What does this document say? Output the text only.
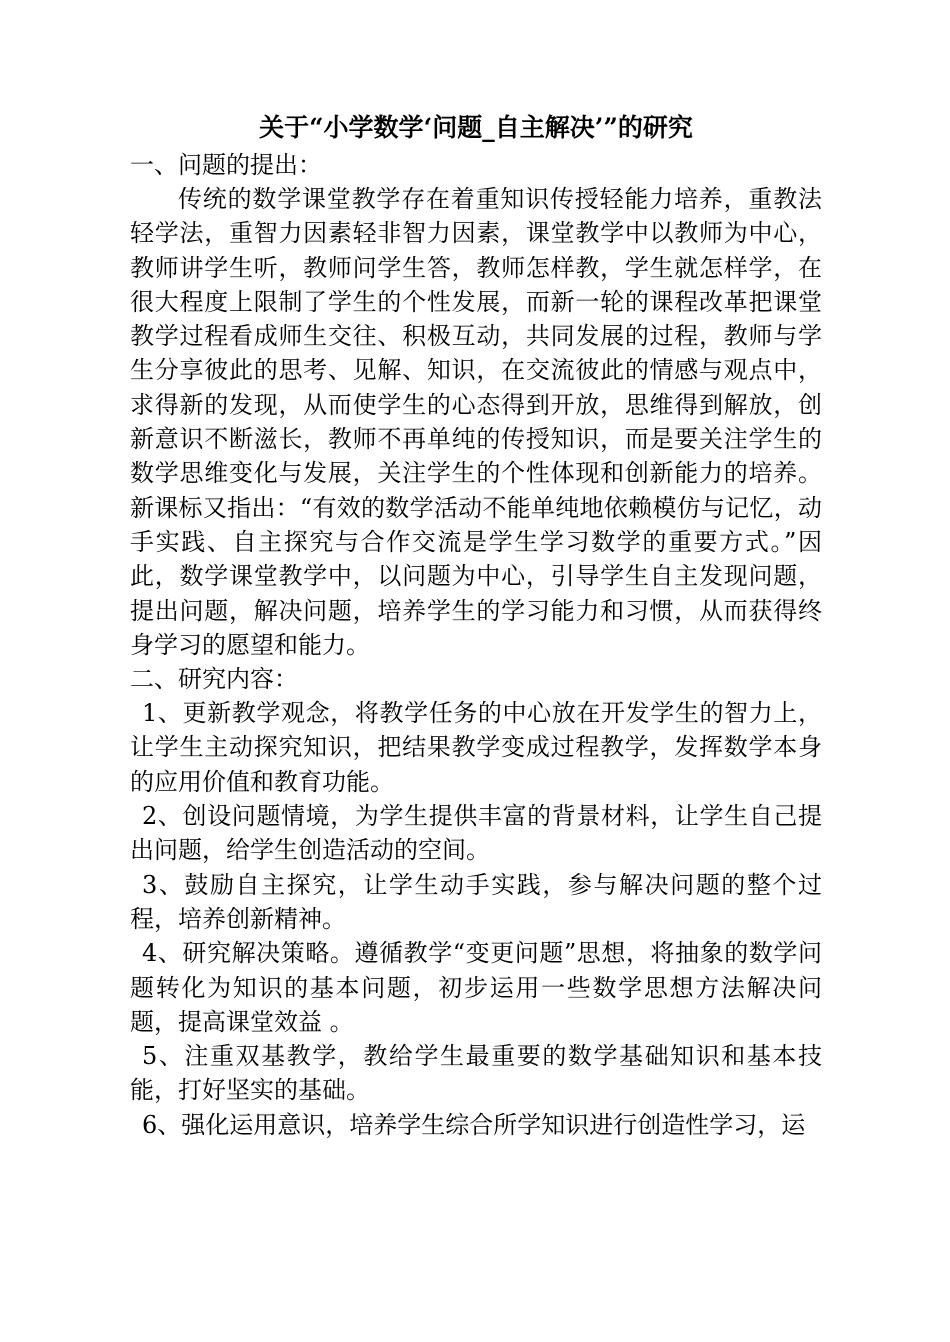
关于“小学数学‘问题_自主解决’”的研究

一、问题的提出：

传统的数学课堂教学存在着重知识传授轻能力培养，重教法轻学法，重智力因素轻非智力因素，课堂教学中以教师为中心，教师讲学生听，教师问学生答，教师怎样教，学生就怎样学，在很大程度上限制了学生的个性发展，而新一轮的课程改革把课堂教学过程看成师生交往、积极互动，共同发展的过程，教师与学生分享彼此的思考、见解、知识，在交流彼此的情感与观点中，求得新的发现，从而使学生的心态得到开放，思维得到解放，创新意识不断滋长，教师不再单纯的传授知识，而是要关注学生的数学思维变化与发展，关注学生的个性体现和创新能力的培养。新课标又指出：“有效的数学活动不能单纯地依赖模仿与记忆，动手实践、自主探究与合作交流是学生学习数学的重要方式。”因此，数学课堂教学中，以问题为中心，引导学生自主发现问题，提出问题，解决问题，培养学生的学习能力和习惯，从而获得终身学习的愿望和能力。

二、研究内容：

1、更新教学观念，将教学任务的中心放在开发学生的智力上，让学生主动探究知识，把结果教学变成过程教学，发挥数学本身的应用价值和教育功能。

2、创设问题情境，为学生提供丰富的背景材料，让学生自己提出问题，给学生创造活动的空间。

3、鼓励自主探究，让学生动手实践，参与解决问题的整个过程，培养创新精神。

4、研究解决策略。遵循教学“变更问题”思想，将抽象的数学问题转化为知识的基本问题，初步运用一些数学思想方法解决问题，提高课堂效益 。

5、注重双基教学，教给学生最重要的数学基础知识和基本技能，打好坚实的基础。

6、强化运用意识，培养学生综合所学知识进行创造性学习，运
